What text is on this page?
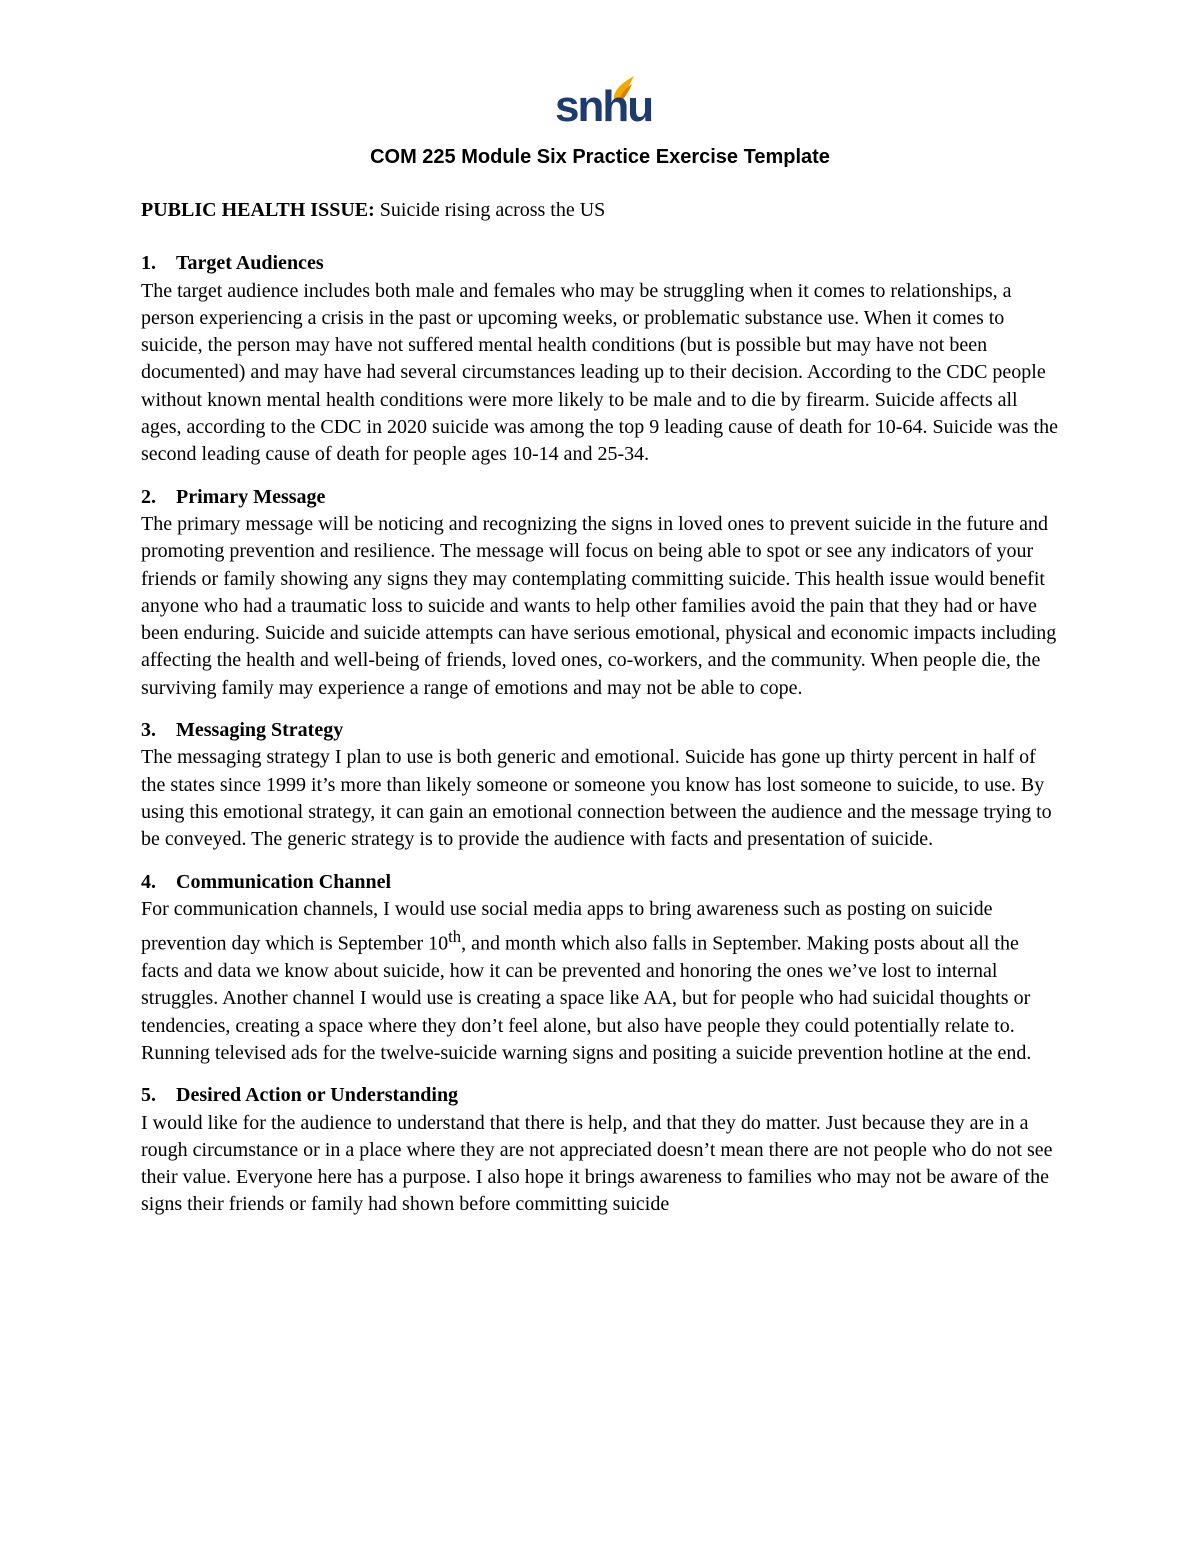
snhu
COM 225 Module Six Practice Exercise Template

PUBLIC HEALTH ISSUE: Suicide rising across the US

1. Target Audiences

The target audience includes both male and females who may be struggling when it comes to relationships, a person experiencing a crisis in the past or upcoming weeks, or problematic substance use. When it comes to suicide, the person may have not suffered mental health conditions (but is possible but may have not been documented) and may have had several circumstances leading up to their decision. According to the CDC people without known mental health conditions were more likely to be male and to die by firearm. Suicide affects all ages, according to the CDC in 2020 suicide was among the top 9 leading cause of death for 10-64. Suicide was the second leading cause of death for people ages 10-14 and 25-34.

2. Primary Message

The primary message will be noticing and recognizing the signs in loved ones to prevent suicide in the future and promoting prevention and resilience. The message will focus on being able to spot or see any indicators of your friends or family showing any signs they may contemplating committing suicide. This health issue would benefit anyone who had a traumatic loss to suicide and wants to help other families avoid the pain that they had or have been enduring. Suicide and suicide attempts can have serious emotional, physical and economic impacts including affecting the health and well-being of friends, loved ones, co-workers, and the community. When people die, the surviving family may experience a range of emotions and may not be able to cope.

3. Messaging Strategy

The messaging strategy I plan to use is both generic and emotional. Suicide has gone up thirty percent in half of the states since 1999 it’s more than likely someone or someone you know has lost someone to suicide, to use. By using this emotional strategy, it can gain an emotional connection between the audience and the message trying to be conveyed. The generic strategy is to provide the audience with facts and presentation of suicide.

4. Communication Channel

For communication channels, I would use social media apps to bring awareness such as posting on suicide prevention day which is September 10th, and month which also falls in September. Making posts about all the facts and data we know about suicide, how it can be prevented and honoring the ones we’ve lost to internal struggles. Another channel I would use is creating a space like AA, but for people who had suicidal thoughts or tendencies, creating a space where they don’t feel alone, but also have people they could potentially relate to. Running televised ads for the twelve-suicide warning signs and positing a suicide prevention hotline at the end.

5. Desired Action or Understanding

I would like for the audience to understand that there is help, and that they do matter. Just because they are in a rough circumstance or in a place where they are not appreciated doesn’t mean there are not people who do not see their value. Everyone here has a purpose. I also hope it brings awareness to families who may not be aware of the signs their friends or family had shown before committing suicide
